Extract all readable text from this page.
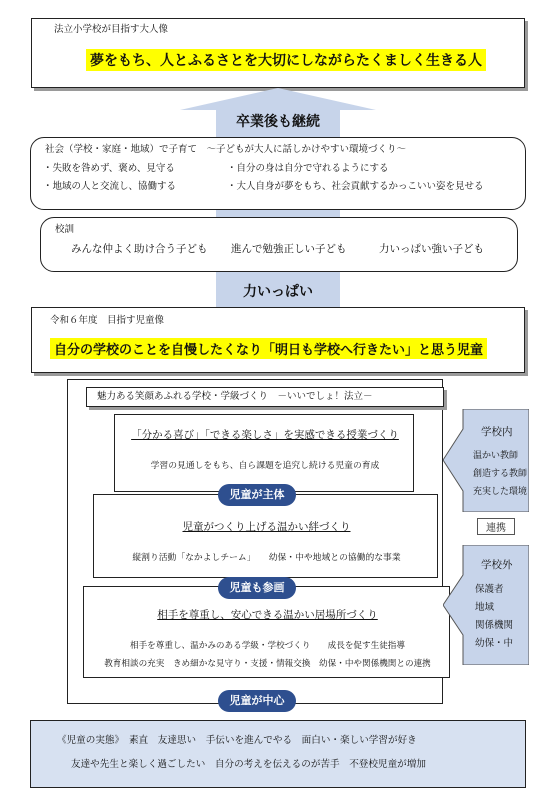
法立小学校が目指す大人像
夢をもち、人とふるさとを大切にしながらたくましく生きる人
卒業後も継続
社会（学校・家庭・地域）で子育て　～子どもが大人に話しかけやすい環境づくり～
・失敗を咎めず、褒め、見守る	・自分の身は自分で守れるようにする
・地域の人と交流し、協働する	・大人自身が夢をもち、社会貢献するかっこいい姿を見せる
校訓
みんな仲よく助け合う子ども 進んで勉強正しい子ども	力いっぱい強い子ども
力いっぱい
令和６年度　目指す児童像
自分の学校のことを自慢したくなり「明日も学校へ行きたい」と思う児童
魅力ある笑顔あふれる学校・学級づくり　－いいでしょ！法立－
「分かる喜び」「できる楽しさ」を実感できる授業づくり
学習の見通しをもち、自ら課題を追究し続ける児童の育成
児童がつくり上げる温かい絆づくり
縦割り活動「なかよしチーム」　　幼保・中や地域との協働的な事業
相手を尊重し、安心できる温かい居場所づくり
相手を尊重し、温かみのある学級・学校づくり　　成長を促す生徒指導
教育相談の充実　きめ細かな見守り・支援・情報交換　幼保・中や関係機関との連携
児童が主体
児童も参画
児童が中心
学校内
温かい教師
創造する教師
充実した環境
連携
学校外
保護者
地域
関係機関
幼保・中
《児童の実態》　素直　友達思い　手伝いを進んでやる　面白い・楽しい学習が好き
友達や先生と楽しく過ごしたい　自分の考えを伝えるのが苦手　不登校児童が増加
